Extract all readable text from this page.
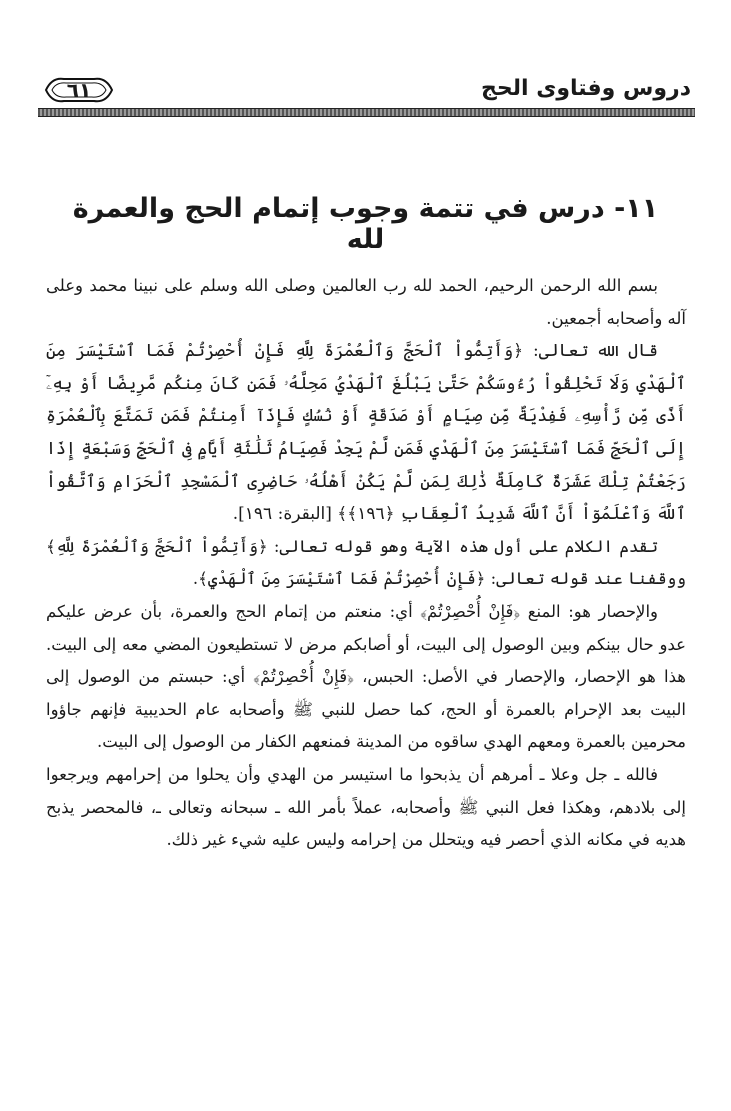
٦١	دروس وفتاوى الحج
١١- درس في تتمة وجوب إتمام الحج والعمرة لله

بسم الله الرحمن الرحيم، الحمد لله رب العالمين وصلى الله وسلم على نبينا محمد وعلى آله وأصحابه أجمعين.

قال الله تعالى: ﴿وَأَتِمُّواْ ٱلْحَجَّ وَٱلْعُمْرَةَ لِلَّهِ فَإِنْ أُحْصِرْتُمْ فَمَا ٱسْتَيْسَرَ مِنَ ٱلْهَدْيِ وَلَا تَحْلِقُواْ رُءُوسَكُمْ حَتَّىٰ يَبْلُغَ ٱلْهَدْيُ مَحِلَّهُۥ فَمَن كَانَ مِنكُم مَّرِيضًا أَوْ بِهِۦٓ أَذًى مِّن رَّأْسِهِۦ فَفِدْيَةٌ مِّن صِيَامٍ أَوْ صَدَقَةٍ أَوْ نُسُكٍ فَإِذَآ أَمِنتُمْ فَمَن تَمَتَّعَ بِٱلْعُمْرَةِ إِلَى ٱلْحَجِّ فَمَا ٱسْتَيْسَرَ مِنَ ٱلْهَدْيِ فَمَن لَّمْ يَجِدْ فَصِيَامُ ثَلَٰثَةِ أَيَّامٍ فِى ٱلْحَجِّ وَسَبْعَةٍ إِذَا رَجَعْتُمْ تِلْكَ عَشَرَةٌ كَامِلَةٌ ذَٰلِكَ لِمَن لَّمْ يَكُنْ أَهْلُهُۥ حَاضِرِى ٱلْمَسْجِدِ ٱلْحَرَامِ وَٱتَّقُواْ ٱللَّهَ وَٱعْلَمُوٓاْ أَنَّ ٱللَّهَ شَدِيدُ ٱلْعِقَابِ ﴿١٩٦﴾﴾ [البقرة: ١٩٦].

تقدم الكلام على أول هذه الآية وهو قوله تعالى: ﴿وَأَتِمُّواْ ٱلْحَجَّ وَٱلْعُمْرَةَ لِلَّهِ﴾ ووقفنا عند قوله تعالى: ﴿فَإِنْ أُحْصِرْتُمْ فَمَا ٱسْتَيْسَرَ مِنَ ٱلْهَدْيِ﴾.

والإحصار هو: المنع ﴿فَإِنْ أُحْصِرْتُمْ﴾ أي: منعتم من إتمام الحج والعمرة، بأن عرض عليكم عدو حال بينكم وبين الوصول إلى البيت، أو أصابكم مرض لا تستطيعون المضي معه إلى البيت. هذا هو الإحصار، والإحصار في الأصل: الحبس، ﴿فَإِنْ أُحْصِرْتُمْ﴾ أي: حبستم من الوصول إلى البيت بعد الإحرام بالعمرة أو الحج، كما حصل للنبي ﷺ وأصحابه عام الحديبية فإنهم جاؤوا محرمين بالعمرة ومعهم الهدي ساقوه من المدينة فمنعهم الكفار من الوصول إلى البيت.

فالله ـ جل وعلا ـ أمرهم أن يذبحوا ما استيسر من الهدي وأن يحلوا من إحرامهم ويرجعوا إلى بلادهم، وهكذا فعل النبي ﷺ وأصحابه، عملاً بأمر الله ـ سبحانه وتعالى ـ، فالمحصر يذبح هديه في مكانه الذي أحصر فيه ويتحلل من إحرامه وليس عليه شيء غير ذلك.
